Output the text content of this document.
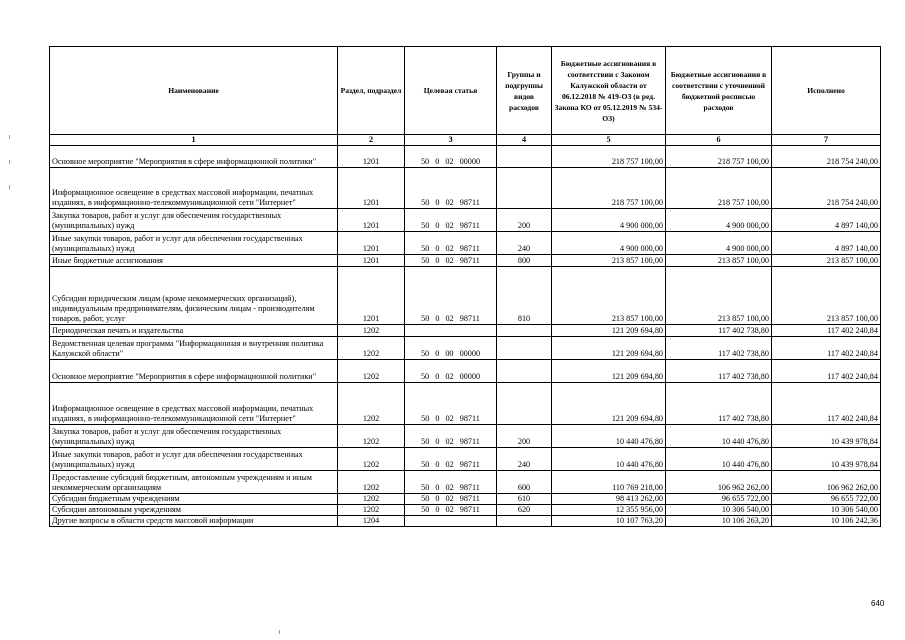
Наименование	Раздел, подраздел	Целевая статья	Группы и подгруппы видов расходов	Бюджетные ассигнования в соответствии с Законом Калужской области от 06.12.2018 № 419-ОЗ (в ред. Закона КО от 05.12.2019 № 534-ОЗ)	Бюджетные ассигнования в соответствии с уточненной бюджетной росписью расходов	Исполнено
1	2	3	4	5	6	7
Основное мероприятие "Мероприятия в сфере информационной политики"	1201	50 0 02 00000		218 757 100,00	218 757 100,00	218 754 240,00
Информационное освещение в средствах массовой информации, печатных изданиях, в информационно-телекоммуникационной сети "Интернет"	1201	50 0 02 98711		218 757 100,00	218 757 100,00	218 754 240,00
Закупка товаров, работ и услуг для обеспечения государственных (муниципальных) нужд	1201	50 0 02 98711	200	4 900 000,00	4 900 000,00	4 897 140,00
Иные закупки товаров, работ и услуг для обеспечения государственных (муниципальных) нужд	1201	50 0 02 98711	240	4 900 000,00	4 900 000,00	4 897 140,00
Иные бюджетные ассигнования	1201	50 0 02 98711	800	213 857 100,00	213 857 100,00	213 857 100,00
Субсидии юридическим лицам (кроме некоммерческих организаций), индивидуальным предпринимателям, физическим лицам - производителям товаров, работ, услуг	1201	50 0 02 98711	810	213 857 100,00	213 857 100,00	213 857 100,00
Периодическая печать и издательства	1202			121 209 694,80	117 402 738,80	117 402 240,84
Ведомственная целевая программа "Информационная и внутренняя политика Калужской области"	1202	50 0 00 00000		121 209 694,80	117 402 738,80	117 402 240,84
Основное мероприятие "Мероприятия в сфере информационной политики"	1202	50 0 02 00000		121 209 694,80	117 402 738,80	117 402 240,84
Информационное освещение в средствах массовой информации, печатных изданиях, в информационно-телекоммуникационной сети "Интернет"	1202	50 0 02 98711		121 209 694,80	117 402 738,80	117 402 240,84
Закупка товаров, работ и услуг для обеспечения государственных (муниципальных) нужд	1202	50 0 02 98711	200	10 440 476,80	10 440 476,80	10 439 978,84
Иные закупки товаров, работ и услуг для обеспечения государственных (муниципальных) нужд	1202	50 0 02 98711	240	10 440 476,80	10 440 476,80	10 439 978,84
Предоставление субсидий бюджетным, автономным учреждениям и иным некоммерческим организациям	1202	50 0 02 98711	600	110 769 218,00	106 962 262,00	106 962 262,00
Субсидии бюджетным учреждениям	1202	50 0 02 98711	610	98 413 262,00	96 655 722,00	96 655 722,00
Субсидии автономным учреждениям	1202	50 0 02 98711	620	12 355 956,00	10 306 540,00	10 306 540,00
Другие вопросы в области средств массовой информации	1204			10 107 763,20	10 106 263,20	10 106 242,36
640
